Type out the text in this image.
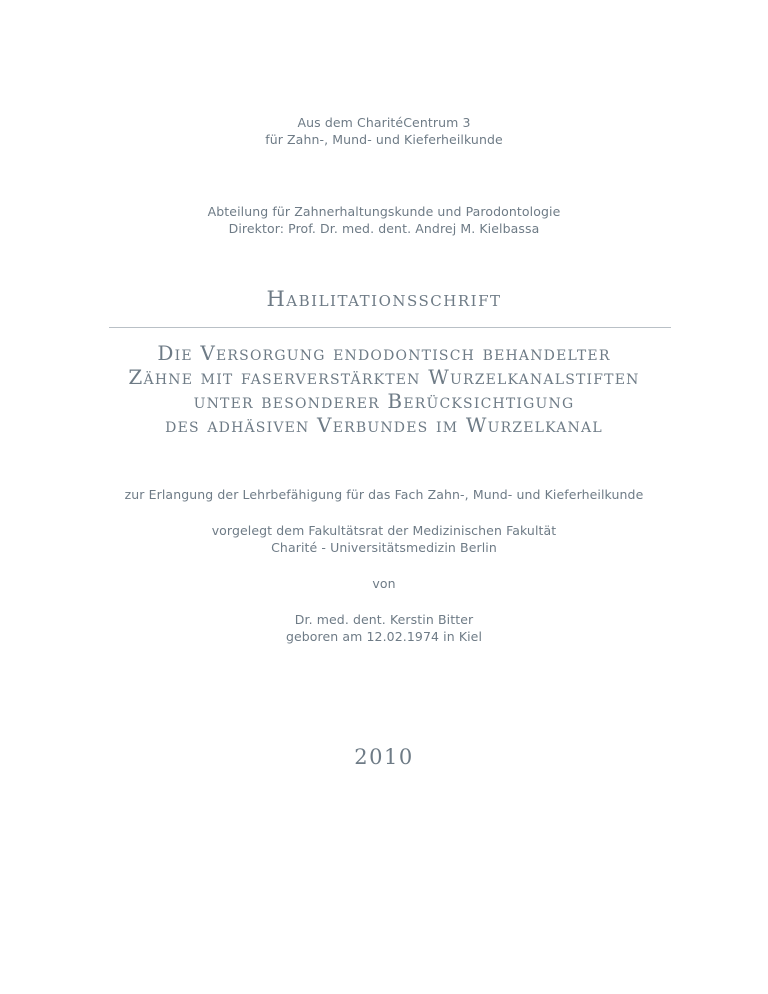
Aus dem CharitéCentrum 3
für Zahn-, Mund- und Kieferheilkunde
Abteilung für Zahnerhaltungskunde und Parodontologie
Direktor: Prof. Dr. med. dent. Andrej M. Kielbassa
Habilitationsschrift
Die Versorgung endodontisch behandelter
Zähne mit faserverstärkten Wurzelkanalstiften
unter besonderer Berücksichtigung
des adhäsiven Verbundes im Wurzelkanal
zur Erlangung der Lehrbefähigung für das Fach Zahn-, Mund- und Kieferheilkunde
vorgelegt dem Fakultätsrat der Medizinischen Fakultät
Charité - Universitätsmedizin Berlin
von
Dr. med. dent. Kerstin Bitter
geboren am 12.02.1974 in Kiel
2010
